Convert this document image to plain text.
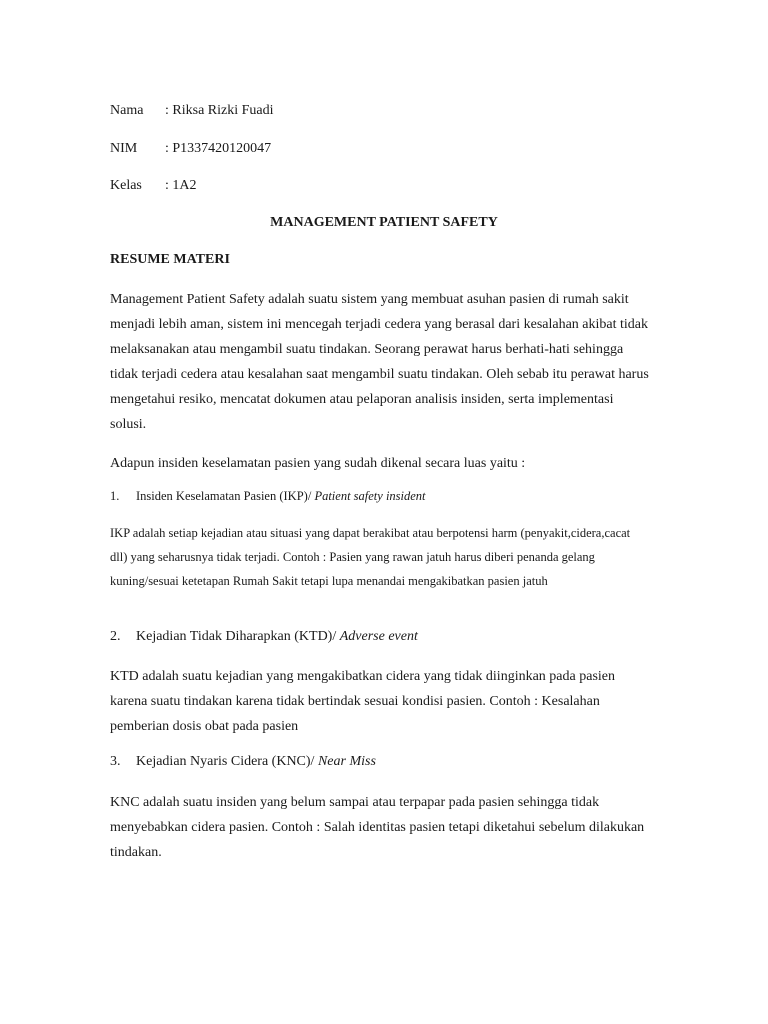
Nama : Riksa Rizki Fuadi
NIM : P1337420120047
Kelas : 1A2
MANAGEMENT PATIENT SAFETY
RESUME MATERI

Management Patient Safety adalah suatu sistem yang membuat asuhan pasien di rumah sakit menjadi lebih aman, sistem ini mencegah terjadi cedera yang berasal dari kesalahan akibat tidak melaksanakan atau mengambil suatu tindakan. Seorang perawat harus berhati-hati sehingga tidak terjadi cedera atau kesalahan saat mengambil suatu tindakan. Oleh sebab itu perawat harus mengetahui resiko, mencatat dokumen atau pelaporan analisis insiden, serta implementasi solusi.

Adapun insiden keselamatan pasien yang sudah dikenal secara luas yaitu :

1. Insiden Keselamatan Pasien (IKP)/ Patient safety insident

IKP adalah setiap kejadian atau situasi yang dapat berakibat atau berpotensi harm (penyakit,cidera,cacat dll) yang seharusnya tidak terjadi. Contoh : Pasien yang rawan jatuh harus diberi penanda gelang kuning/sesuai ketetapan Rumah Sakit tetapi lupa menandai mengakibatkan pasien jatuh

2. Kejadian Tidak Diharapkan (KTD)/ Adverse event

KTD adalah suatu kejadian yang mengakibatkan cidera yang tidak diinginkan pada pasien karena suatu tindakan karena tidak bertindak sesuai kondisi pasien. Contoh : Kesalahan pemberian dosis obat pada pasien

3. Kejadian Nyaris Cidera (KNC)/ Near Miss

KNC adalah suatu insiden yang belum sampai atau terpapar pada pasien sehingga tidak menyebabkan cidera pasien. Contoh : Salah identitas pasien tetapi diketahui sebelum dilakukan tindakan.
